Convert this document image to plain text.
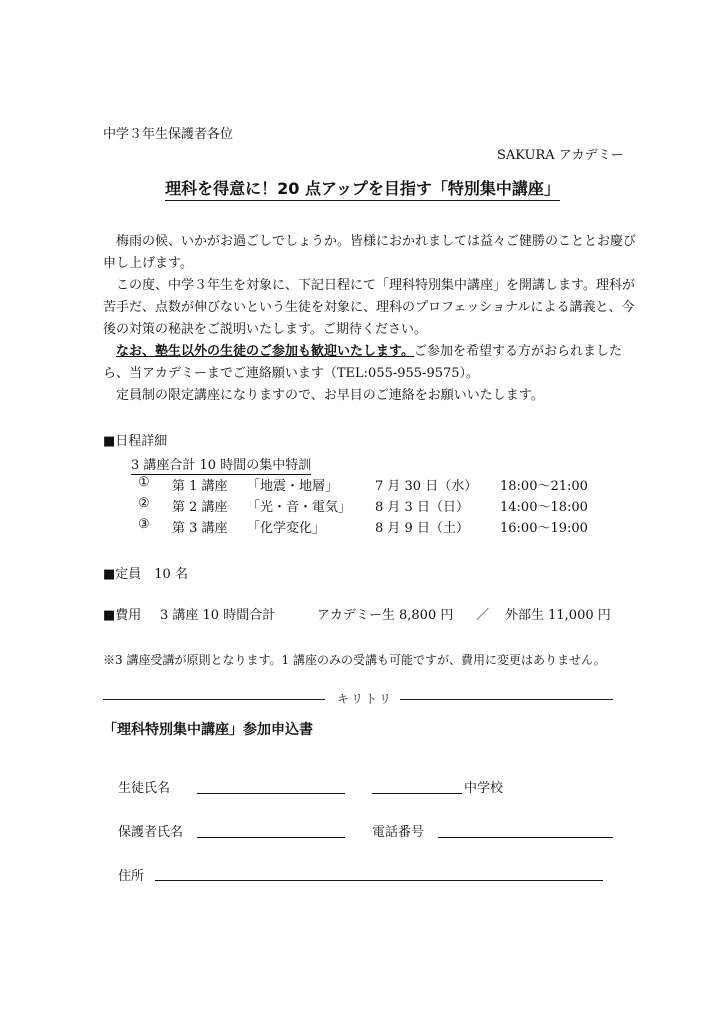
中学３年生保護者各位
SAKURA アカデミー
理科を得意に！20 点アップを目指す「特別集中講座」
梅雨の候、いかがお過ごしでしょうか。皆様におかれましては益々ご健勝のこととお慶び申し上げます。
この度、中学３年生を対象に、下記日程にて「理科特別集中講座」を開講します。理科が苦手だ、点数が伸びないという生徒を対象に、理科のプロフェッショナルによる講義と、今後の対策の秘訣をご説明いたします。ご期待ください。
なお、塾生以外の生徒のご参加も歓迎いたします。ご参加を希望する方がおられましたら、当アカデミーまでご連絡願います（TEL:055-955-9575）。
定員制の限定講座になりますので、お早目のご連絡をお願いいたします。
■日程詳細
3 講座合計 10 時間の集中特訓
① 第 1 講座 「地震・地層」	7 月 30 日（水） 18:00～21:00
② 第 2 講座 「光・音・電気」 8 月 3 日（日） 14:00～18:00
③ 第 3 講座 「化学変化」	8 月 9 日（土） 16:00～19:00
■定員　10 名
■費用 3 講座 10 時間合計	アカデミー生 8,800 円 ／ 外部生 11,000 円
※3 講座受講が原則となります。1 講座のみの受講も可能ですが、費用に変更はありません。
キリトリ
「理科特別集中講座」参加申込書
生徒氏名	中学校
保護者氏名	電話番号
住所
